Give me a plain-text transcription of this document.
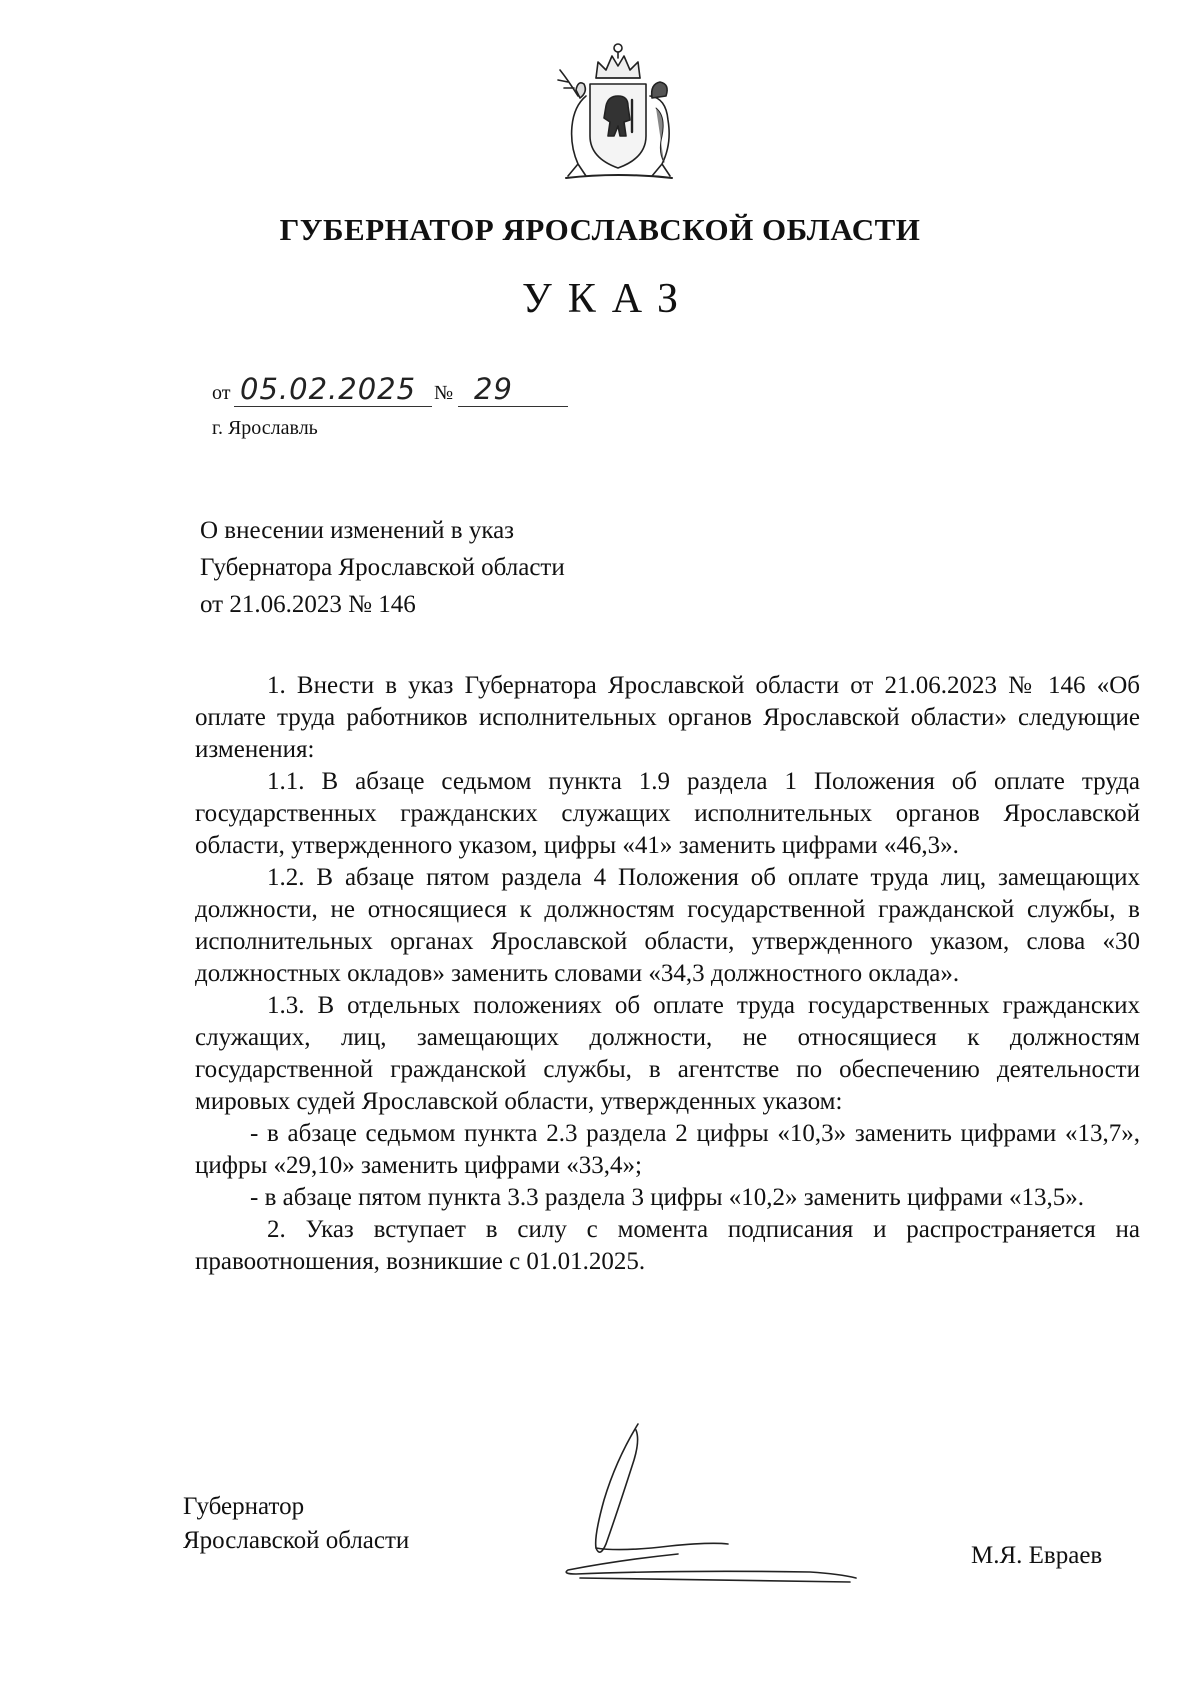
ГУБЕРНАТОР ЯРОСЛАВСКОЙ ОБЛАСТИ
УКАЗ
от 05.02.2025 № 29
г. Ярославль
О внесении изменений в указ
Губернатора Ярославской области
от 21.06.2023 № 146

1. Внести в указ Губернатора Ярославской области от 21.06.2023 № 146 «Об оплате труда работников исполнительных органов Ярославской области» следующие изменения:

1.1. В абзаце седьмом пункта 1.9 раздела 1 Положения об оплате труда государственных гражданских служащих исполнительных органов Ярославской области, утвержденного указом, цифры «41» заменить цифрами «46,3».

1.2. В абзаце пятом раздела 4 Положения об оплате труда лиц, замещающих должности, не относящиеся к должностям государственной гражданской службы, в исполнительных органах Ярославской области, утвержденного указом, слова «30 должностных окладов» заменить словами «34,3 должностного оклада».

1.3. В отдельных положениях об оплате труда государственных гражданских служащих, лиц, замещающих должности, не относящиеся к должностям государственной гражданской службы, в агентстве по обеспечению деятельности мировых судей Ярославской области, утвержденных указом:

- в абзаце седьмом пункта 2.3 раздела 2 цифры «10,3» заменить цифрами «13,7», цифры «29,10» заменить цифрами «33,4»;

- в абзаце пятом пункта 3.3 раздела 3 цифры «10,2» заменить цифрами «13,5».

2. Указ вступает в силу с момента подписания и распространяется на правоотношения, возникшие с 01.01.2025.

Губернатор
Ярославской области
М.Я. Евраев
